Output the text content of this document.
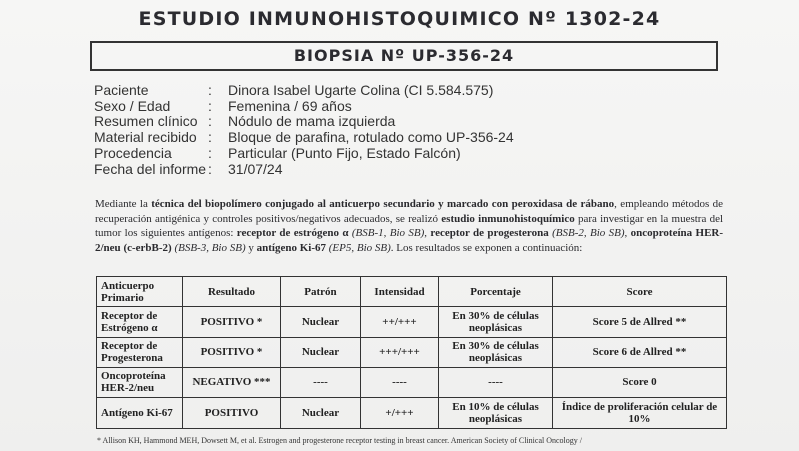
ESTUDIO INMUNOHISTOQUIMICO Nº 1302-24
BIOPSIA Nº UP-356-24
Paciente	: Dinora Isabel Ugarte Colina (CI 5.584.575)
Sexo / Edad	: Femenina / 69 años
Resumen clínico : Nódulo de mama izquierda
Material recibido : Bloque de parafina, rotulado como UP-356-24
Procedencia	: Particular (Punto Fijo, Estado Falcón)
Fecha del informe : 31/07/24
Mediante la técnica del biopolímero conjugado al anticuerpo secundario y marcado con peroxidasa de rábano, empleando métodos de recuperación antigénica y controles positivos/negativos adecuados, se realizó estudio inmunohistoquímico para investigar en la muestra del tumor los siguientes antígenos: receptor de estrógeno α (BSB-1, Bio SB), receptor de progesterona (BSB-2, Bio SB), oncoproteína HER-2/neu (c-erbB-2) (BSB-3, Bio SB) y antígeno Ki-67 (EP5, Bio SB). Los resultados se exponen a continuación:
Anticuerpo Primario	Resultado	Patrón	Intensidad	Porcentaje	Score
Receptor de Estrógeno α	POSITIVO *	Nuclear	++/+++	En 30% de células neoplásicas	Score 5 de Allred **
Receptor de Progesterona	POSITIVO *	Nuclear	+++/+++	En 30% de células neoplásicas	Score 6 de Allred **
Oncoproteína HER-2/neu	NEGATIVO ***	----	----	----	Score 0
Antígeno Ki-67	POSITIVO	Nuclear	+/+++	En 10% de células neoplásicas	Índice de proliferación celular de 10%
* Allison KH, Hammond MEH, Dowsett M, et al. Estrogen and progesterone receptor testing in breast cancer. American Society of Clinical Oncology /
